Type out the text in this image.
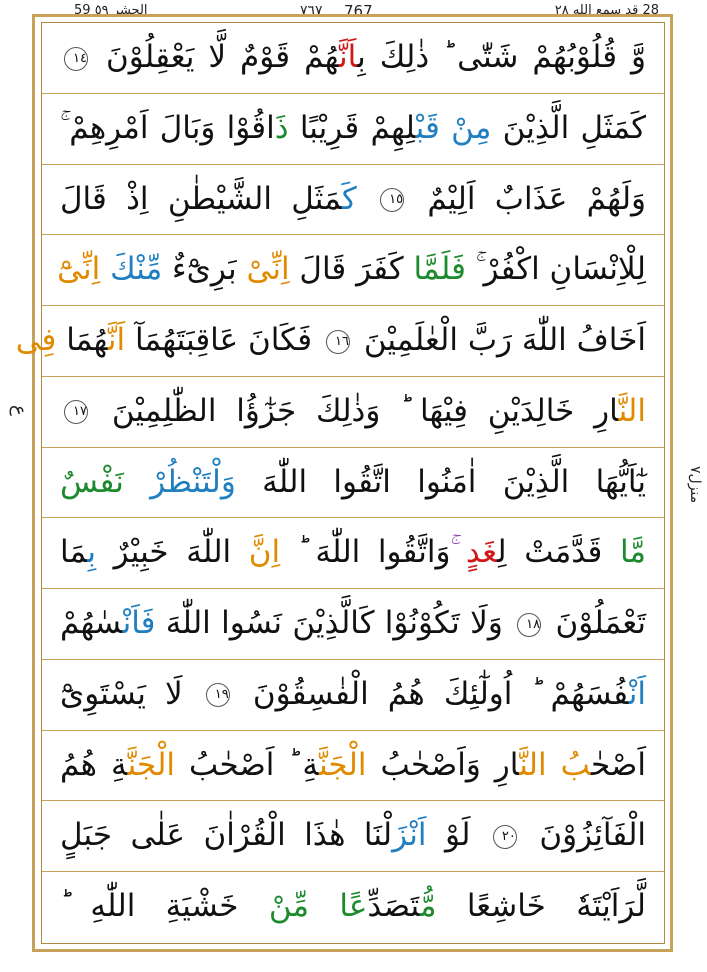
59 الحشر ٥٩	٧٦٧ 767	28 قد سمع الله ٢٨
ع
منزل٧
وَّ قُلُوْبُهُمْ شَتّٰى ؕ ذٰلِكَ بِاَنَّهُمْ قَوْمٌ لَّا يَعْقِلُوْنَ ١٤
كَمَثَلِ الَّذِيْنَ مِنْ قَبْلِهِمْ قَرِيْبًا ذَاقُوْا وَبَالَ اَمْرِهِمْ ۚ
وَلَهُمْ عَذَابٌ اَلِيْمٌ ١٥ كَمَثَلِ الشَّيْطٰنِ اِذْ قَالَ
لِلْاِنْسَانِ اكْفُرْ ۚ فَلَمَّا كَفَرَ قَالَ اِنِّىْ بَرِىْٓءٌ مِّنْكَ اِنِّىْٓ
اَخَافُ اللّٰهَ رَبَّ الْعٰلَمِيْنَ ١٦ فَكَانَ عَاقِبَتَهُمَآ اَنَّهُمَا فِى
النَّارِ خَالِدَيْنِ فِيْهَا ؕ وَذٰلِكَ جَزٰٓؤُا الظّٰلِمِيْنَ ١٧
يٰٓاَيُّهَا الَّذِيْنَ اٰمَنُوا اتَّقُوا اللّٰهَ وَلْتَنْظُرْ نَفْسٌ
مَّا قَدَّمَتْ لِغَدٍ ۚوَاتَّقُوا اللّٰهَ ؕ اِنَّ اللّٰهَ خَبِيْرٌ بِمَا
تَعْمَلُوْنَ ١٨ وَلَا تَكُوْنُوْا كَالَّذِيْنَ نَسُوا اللّٰهَ فَاَنْسٰهُمْ
اَنْفُسَهُمْ ؕ اُولٰٓئِكَ هُمُ الْفٰسِقُوْنَ ١٩ لَا يَسْتَوِىْٓ
اَصْحٰبُ النَّارِ وَاَصْحٰبُ الْجَنَّةِ ؕ اَصْحٰبُ الْجَنَّةِ هُمُ
الْفَآئِزُوْنَ ٢٠ لَوْ اَنْزَلْنَا هٰذَا الْقُرْاٰنَ عَلٰى جَبَلٍ
لَّرَاَيْتَهٗ خَاشِعًا مُّتَصَدِّعًا مِّنْ خَشْيَةِ اللّٰهِ ؕ
